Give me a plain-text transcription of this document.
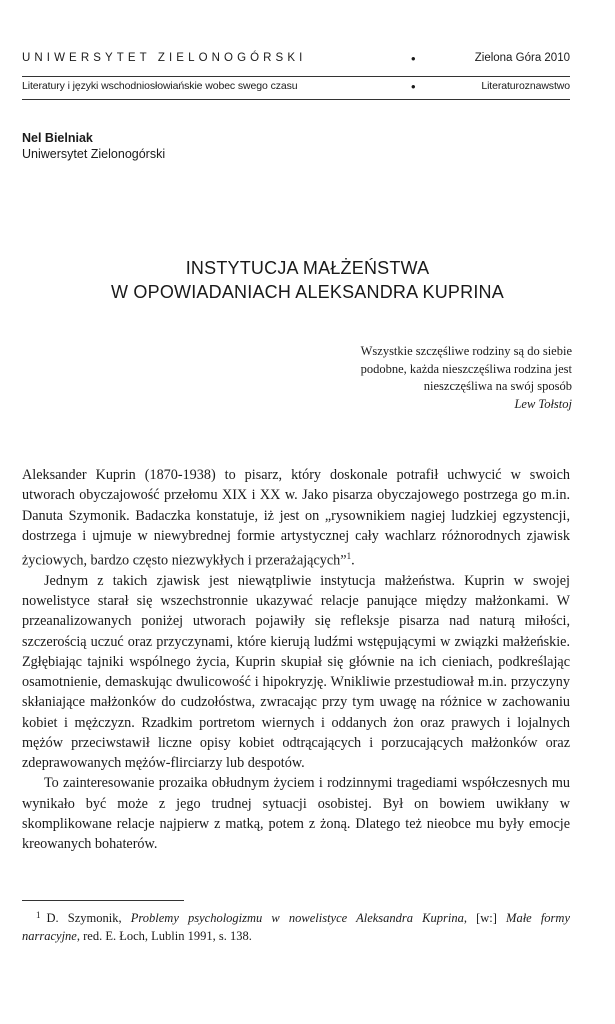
UNIWERSYTET ZIELONOGÓRSKI	•	Zielona Góra 2010
Literatury i języki wschodniosłowiańskie wobec swego czasu	•	Literaturoznawstwo
Nel Bielniak
Uniwersytet Zielonogórski
INSTYTUCJA MAŁŻEŃSTWA
W OPOWIADANIACH ALEKSANDRA KUPRINA
Wszystkie szczęśliwe rodziny są do siebie
podobne, każda nieszczęśliwa rodzina jest
nieszczęśliwa na swój sposób
Lew Tołstoj

Aleksander Kuprin (1870-1938) to pisarz, który doskonale potrafił uchwycić w swoich utworach obyczajowość przełomu XIX i XX w. Jako pisarza obyczajowego postrzega go m.in. Danuta Szymonik. Badaczka konstatuje, iż jest on „rysownikiem nagiej ludzkiej egzystencji, dostrzega i ujmuje w niewybrednej formie artystycznej cały wachlarz różnorodnych zjawisk życiowych, bardzo często niezwykłych i przerażających”$^1$.

Jednym z takich zjawisk jest niewątpliwie instytucja małżeństwa. Kuprin w swojej nowelistyce starał się wszechstronnie ukazywać relacje panujące między małżonkami. W przeanalizowanych poniżej utworach pojawiły się refleksje pisarza nad naturą miłości, szczerością uczuć oraz przyczynami, które kierują ludźmi wstępującymi w związki małżeńskie. Zgłębiając tajniki wspólnego życia, Kuprin skupiał się głównie na ich cieniach, podkreślając osamotnienie, demaskując dwulicowość i hipokryzję. Wnikliwie przestudiował m.in. przyczyny skłaniające małżonków do cudzołóstwa, zwracając przy tym uwagę na różnice w zachowaniu kobiet i mężczyzn. Rzadkim portretom wiernych i oddanych żon oraz prawych i lojalnych mężów przeciwstawił liczne opisy kobiet odtrącających i porzucających małżonków oraz zdeprawowanych mężów-flirciarzy lub despotów.

To zainteresowanie prozaika obłudnym życiem i rodzinnymi tragediami współczesnych mu wynikało być może z jego trudnej sytuacji osobistej. Był on bowiem uwikłany w skomplikowane relacje najpierw z matką, potem z żoną. Dlatego też nieobce mu były emocje kreowanych bohaterów.

$^1$ D. Szymonik, Problemy psychologizmu w nowelistyce Aleksandra Kuprina, [w:] Małe formy narracyjne, red. E. Łoch, Lublin 1991, s. 138.
